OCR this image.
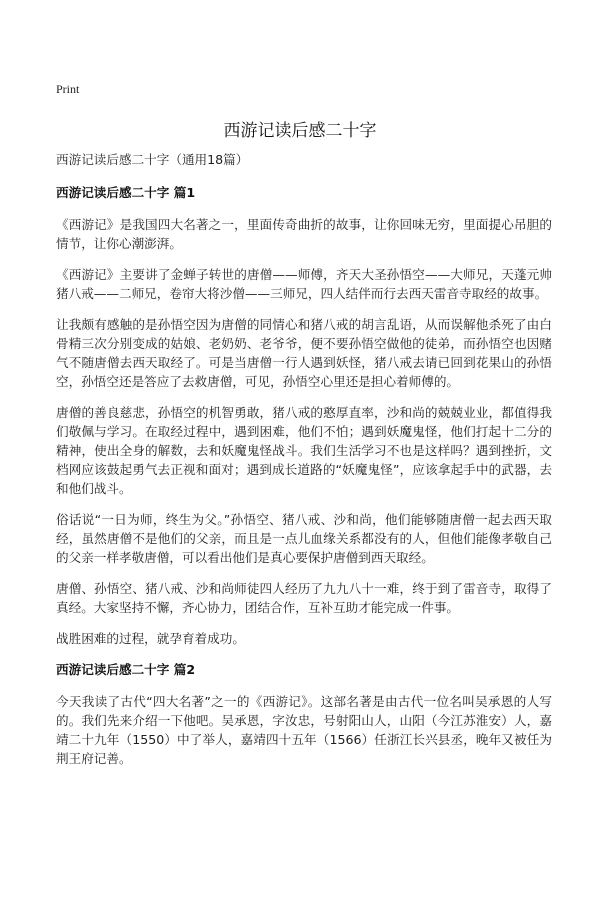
Print
西游记读后感二十字

西游记读后感二十字（通用18篇）

西游记读后感二十字 篇1

《西游记》是我国四大名著之一，里面传奇曲折的故事，让你回味无穷，里面提心吊胆的情节，让你心潮澎湃。

《西游记》主要讲了金蝉子转世的唐僧——师傅，齐天大圣孙悟空——大师兄，天蓬元帅猪八戒——二师兄，卷帘大将沙僧——三师兄，四人结伴而行去西天雷音寺取经的故事。

让我颇有感触的是孙悟空因为唐僧的同情心和猪八戒的胡言乱语，从而误解他杀死了由白骨精三次分别变成的姑娘、老奶奶、老爷爷，便不要孙悟空做他的徒弟，而孙悟空也因赌气不随唐僧去西天取经了。可是当唐僧一行人遇到妖怪，猪八戒去请已回到花果山的孙悟空，孙悟空还是答应了去救唐僧，可见，孙悟空心里还是担心着师傅的。

唐僧的善良慈悲，孙悟空的机智勇敢，猪八戒的憨厚直率，沙和尚的兢兢业业，都值得我们敬佩与学习。在取经过程中，遇到困难，他们不怕；遇到妖魔鬼怪，他们打起十二分的精神，使出全身的解数，去和妖魔鬼怪战斗。我们生活学习不也是这样吗？遇到挫折，文档网应该鼓起勇气去正视和面对；遇到成长道路的“妖魔鬼怪”，应该拿起手中的武器，去和他们战斗。

俗话说“一日为师，终生为父。”孙悟空、猪八戒、沙和尚，他们能够随唐僧一起去西天取经，虽然唐僧不是他们的父亲，而且是一点儿血缘关系都没有的人，但他们能像孝敬自己的父亲一样孝敬唐僧，可以看出他们是真心要保护唐僧到西天取经。

唐僧、孙悟空、猪八戒、沙和尚师徒四人经历了九九八十一难，终于到了雷音寺，取得了真经。大家坚持不懈，齐心协力，团结合作，互补互助才能完成一件事。

战胜困难的过程，就孕育着成功。

西游记读后感二十字 篇2

今天我读了古代“四大名著”之一的《西游记》。这部名著是由古代一位名叫吴承恩的人写的。我们先来介绍一下他吧。吴承恩，字汝忠，号射阳山人，山阳（今江苏淮安）人，嘉靖二十九年（1550）中了举人，嘉靖四十五年（1566）任浙江长兴县丞，晚年又被任为荆王府记善。
